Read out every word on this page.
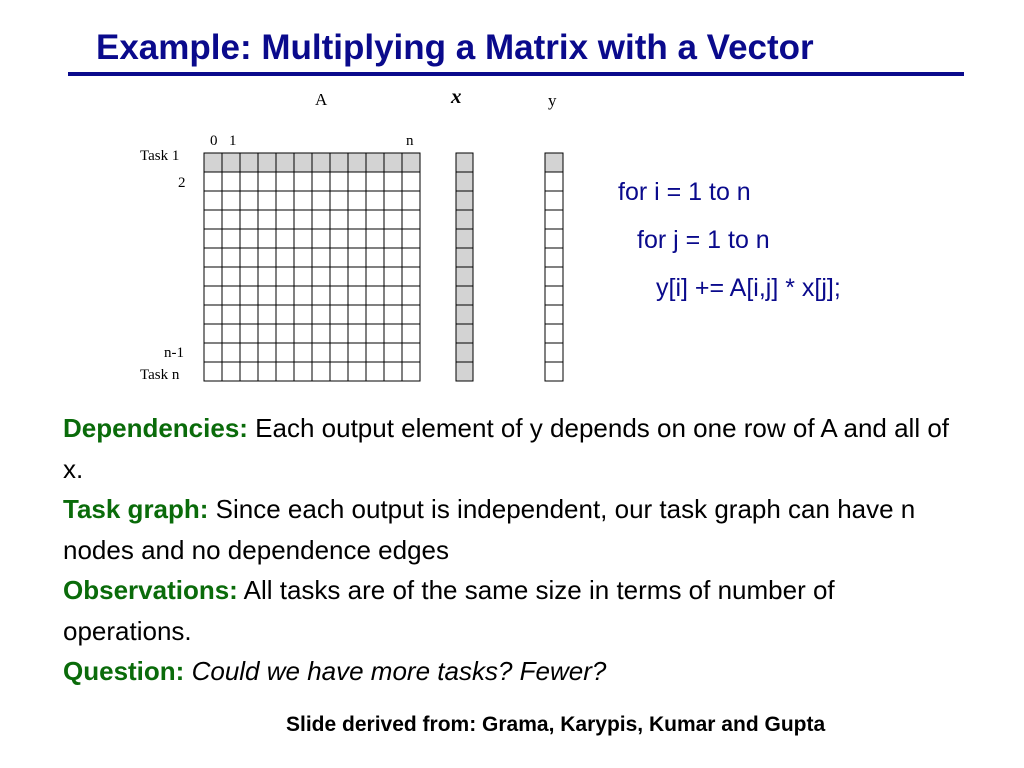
Example: Multiplying a Matrix with a Vector
A	x	y
0 1	n
Task 1
2
n-1
Task n
for i = 1 to n
for j = 1 to n
y[i] += A[i,j] * x[j];
Dependencies: Each output element of y depends on one row of A and all of x.
Task graph: Since each output is independent, our task graph can have n nodes and no dependence edges
Observations: All tasks are of the same size in terms of number of operations.
Question: Could we have more tasks? Fewer?
Slide derived from: Grama, Karypis, Kumar and Gupta
